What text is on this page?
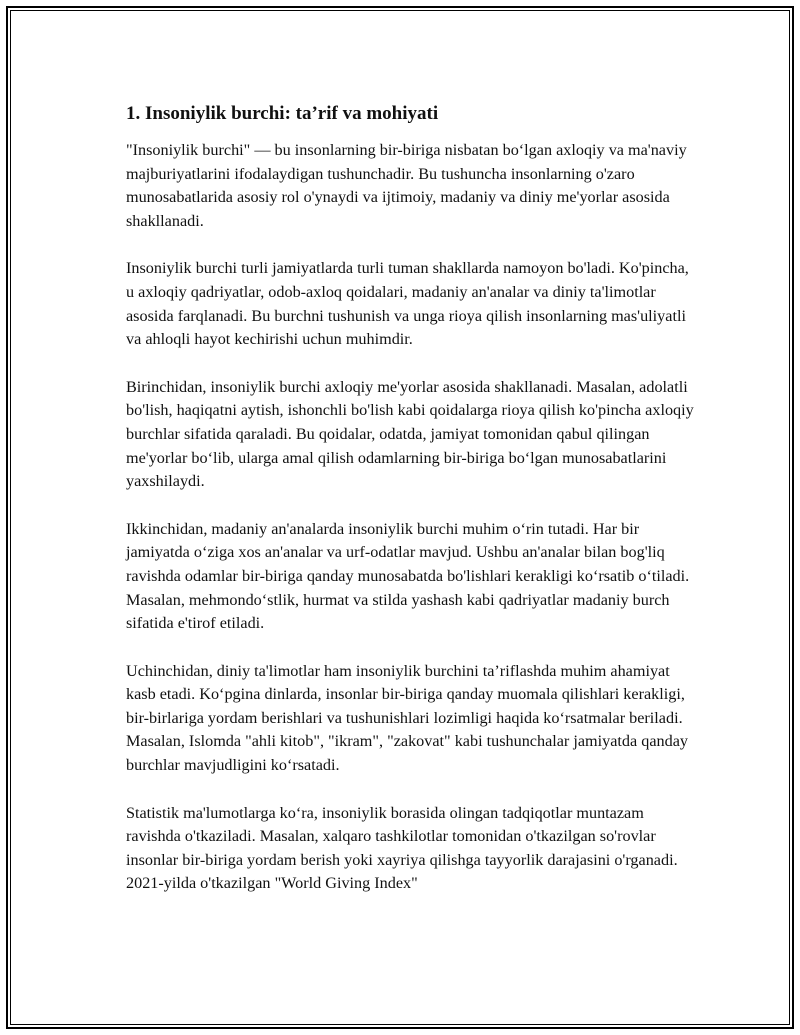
1. Insoniylik burchi: ta’rif va mohiyati

"Insoniylik burchi" — bu insonlarning bir-biriga nisbatan bo‘lgan axloqiy va ma'naviy majburiyatlarini ifodalaydigan tushunchadir. Bu tushuncha insonlarning o'zaro munosabatlarida asosiy rol o'ynaydi va ijtimoiy, madaniy va diniy me'yorlar asosida shakllanadi.

Insoniylik burchi turli jamiyatlarda turli tuman shakllarda namoyon bo'ladi. Ko'pincha, u axloqiy qadriyatlar, odob-axloq qoidalari, madaniy an'analar va diniy ta'limotlar asosida farqlanadi. Bu burchni tushunish va unga rioya qilish insonlarning mas'uliyatli va ahloqli hayot kechirishi uchun muhimdir.

Birinchidan, insoniylik burchi axloqiy me'yorlar asosida shakllanadi. Masalan, adolatli bo'lish, haqiqatni aytish, ishonchli bo'lish kabi qoidalarga rioya qilish ko'pincha axloqiy burchlar sifatida qaraladi. Bu qoidalar, odatda, jamiyat tomonidan qabul qilingan me'yorlar bo‘lib, ularga amal qilish odamlarning bir-biriga bo‘lgan munosabatlarini yaxshilaydi.

Ikkinchidan, madaniy an'analarda insoniylik burchi muhim o‘rin tutadi. Har bir jamiyatda o‘ziga xos an'analar va urf-odatlar mavjud. Ushbu an'analar bilan bog'liq ravishda odamlar bir-biriga qanday munosabatda bo'lishlari kerakligi ko‘rsatib o‘tiladi. Masalan, mehmondo‘stlik, hurmat va stilda yashash kabi qadriyatlar madaniy burch sifatida e'tirof etiladi.

Uchinchidan, diniy ta'limotlar ham insoniylik burchini ta’riflashda muhim ahamiyat kasb etadi. Ko‘pgina dinlarda, insonlar bir-biriga qanday muomala qilishlari kerakligi, bir-birlariga yordam berishlari va tushunishlari lozimligi haqida ko‘rsatmalar beriladi. Masalan, Islomda "ahli kitob", "ikram", "zakovat" kabi tushunchalar jamiyatda qanday burchlar mavjudligini ko‘rsatadi.

Statistik ma'lumotlarga ko‘ra, insoniylik borasida olingan tadqiqotlar muntazam ravishda o'tkaziladi. Masalan, xalqaro tashkilotlar tomonidan o'tkazilgan so'rovlar insonlar bir-biriga yordam berish yoki xayriya qilishga tayyorlik darajasini o'rganadi. 2021-yilda o'tkazilgan "World Giving Index"
